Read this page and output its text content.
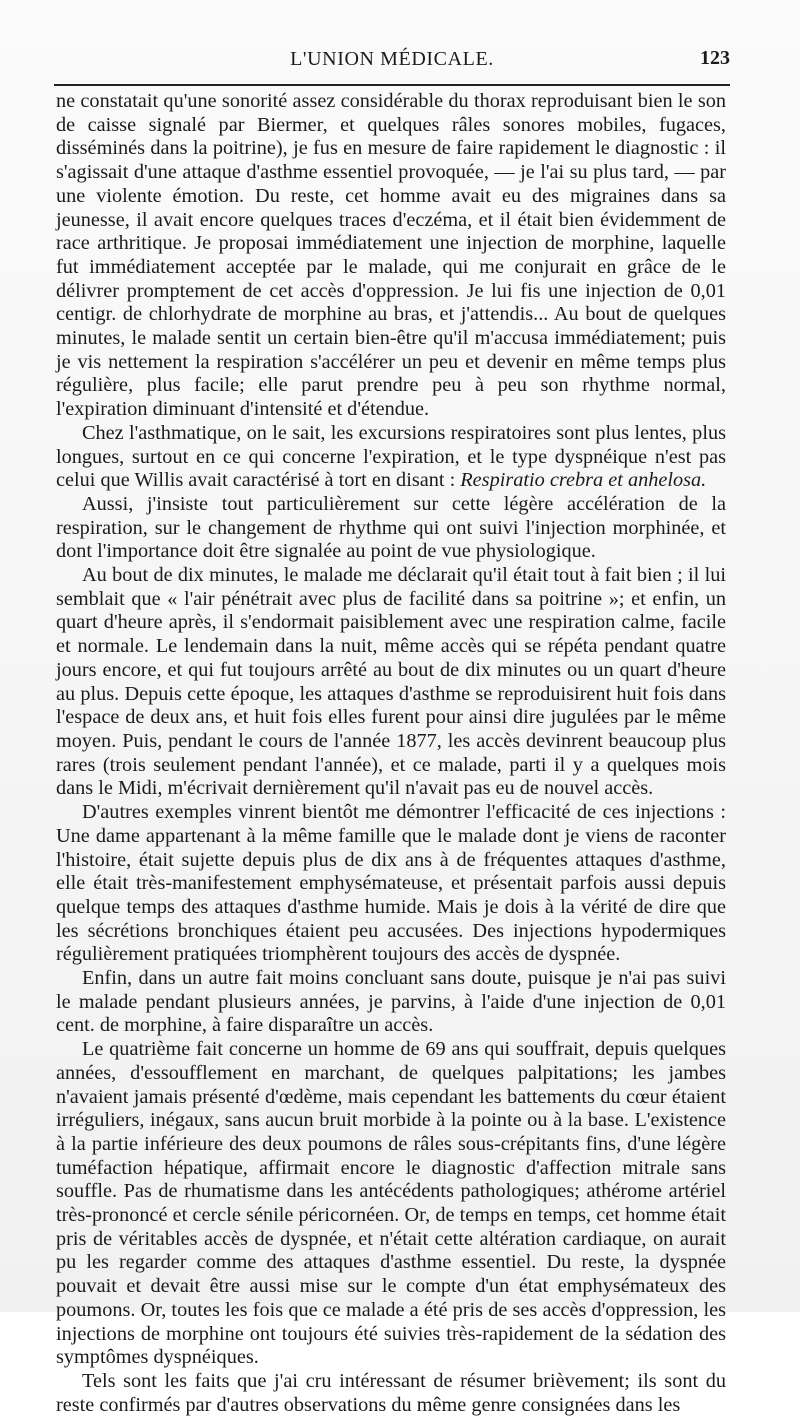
L'UNION MÉDICALE.	123

ne constatait qu'une sonorité assez considérable du thorax reproduisant bien le son de caisse signalé par Biermer, et quelques râles sonores mobiles, fugaces, disséminés dans la poitrine), je fus en mesure de faire rapidement le diagnostic : il s'agissait d'une attaque d'asthme essentiel provoquée, — je l'ai su plus tard, — par une violente émotion. Du reste, cet homme avait eu des migraines dans sa jeunesse, il avait encore quelques traces d'eczéma, et il était bien évidemment de race arthritique. Je proposai immédiatement une injection de morphine, laquelle fut immédiatement acceptée par le malade, qui me conjurait en grâce de le délivrer promptement de cet accès d'oppression. Je lui fis une injection de 0,01 centigr. de chlorhydrate de morphine au bras, et j'attendis... Au bout de quelques minutes, le malade sentit un certain bien-être qu'il m'accusa immédiatement; puis je vis nettement la respiration s'accélérer un peu et devenir en même temps plus régulière, plus facile; elle parut prendre peu à peu son rhythme normal, l'expiration diminuant d'intensité et d'étendue.

Chez l'asthmatique, on le sait, les excursions respiratoires sont plus lentes, plus longues, surtout en ce qui concerne l'expiration, et le type dyspnéique n'est pas celui que Willis avait caractérisé à tort en disant : Respiratio crebra et anhelosa.

Aussi, j'insiste tout particulièrement sur cette légère accélération de la respiration, sur le changement de rhythme qui ont suivi l'injection morphinée, et dont l'importance doit être signalée au point de vue physiologique.

Au bout de dix minutes, le malade me déclarait qu'il était tout à fait bien ; il lui semblait que « l'air pénétrait avec plus de facilité dans sa poitrine »; et enfin, un quart d'heure après, il s'endormait paisiblement avec une respiration calme, facile et normale. Le lendemain dans la nuit, même accès qui se répéta pendant quatre jours encore, et qui fut toujours arrêté au bout de dix minutes ou un quart d'heure au plus. Depuis cette époque, les attaques d'asthme se reproduisirent huit fois dans l'espace de deux ans, et huit fois elles furent pour ainsi dire jugulées par le même moyen. Puis, pendant le cours de l'année 1877, les accès devinrent beaucoup plus rares (trois seulement pendant l'année), et ce malade, parti il y a quelques mois dans le Midi, m'écrivait dernièrement qu'il n'avait pas eu de nouvel accès.

D'autres exemples vinrent bientôt me démontrer l'efficacité de ces injections : Une dame appartenant à la même famille que le malade dont je viens de raconter l'histoire, était sujette depuis plus de dix ans à de fréquentes attaques d'asthme, elle était très-manifestement emphysémateuse, et présentait parfois aussi depuis quelque temps des attaques d'asthme humide. Mais je dois à la vérité de dire que les sécrétions bronchiques étaient peu accusées. Des injections hypodermiques régulièrement pratiquées triomphèrent toujours des accès de dyspnée.

Enfin, dans un autre fait moins concluant sans doute, puisque je n'ai pas suivi le malade pendant plusieurs années, je parvins, à l'aide d'une injection de 0,01 cent. de morphine, à faire disparaître un accès.

Le quatrième fait concerne un homme de 69 ans qui souffrait, depuis quelques années, d'essoufflement en marchant, de quelques palpitations; les jambes n'avaient jamais présenté d'œdème, mais cependant les battements du cœur étaient irréguliers, inégaux, sans aucun bruit morbide à la pointe ou à la base. L'existence à la partie inférieure des deux poumons de râles sous-crépitants fins, d'une légère tuméfaction hépatique, affirmait encore le diagnostic d'affection mitrale sans souffle. Pas de rhumatisme dans les antécédents pathologiques; athérome artériel très-prononcé et cercle sénile péricornéen. Or, de temps en temps, cet homme était pris de véritables accès de dyspnée, et n'était cette altération cardiaque, on aurait pu les regarder comme des attaques d'asthme essentiel. Du reste, la dyspnée pouvait et devait être aussi mise sur le compte d'un état emphysémateux des poumons. Or, toutes les fois que ce malade a été pris de ses accès d'oppression, les injections de morphine ont toujours été suivies très-rapidement de la sédation des symptômes dyspnéiques.

Tels sont les faits que j'ai cru intéressant de résumer brièvement; ils sont du reste confirmés par d'autres observations du même genre consignées dans les
